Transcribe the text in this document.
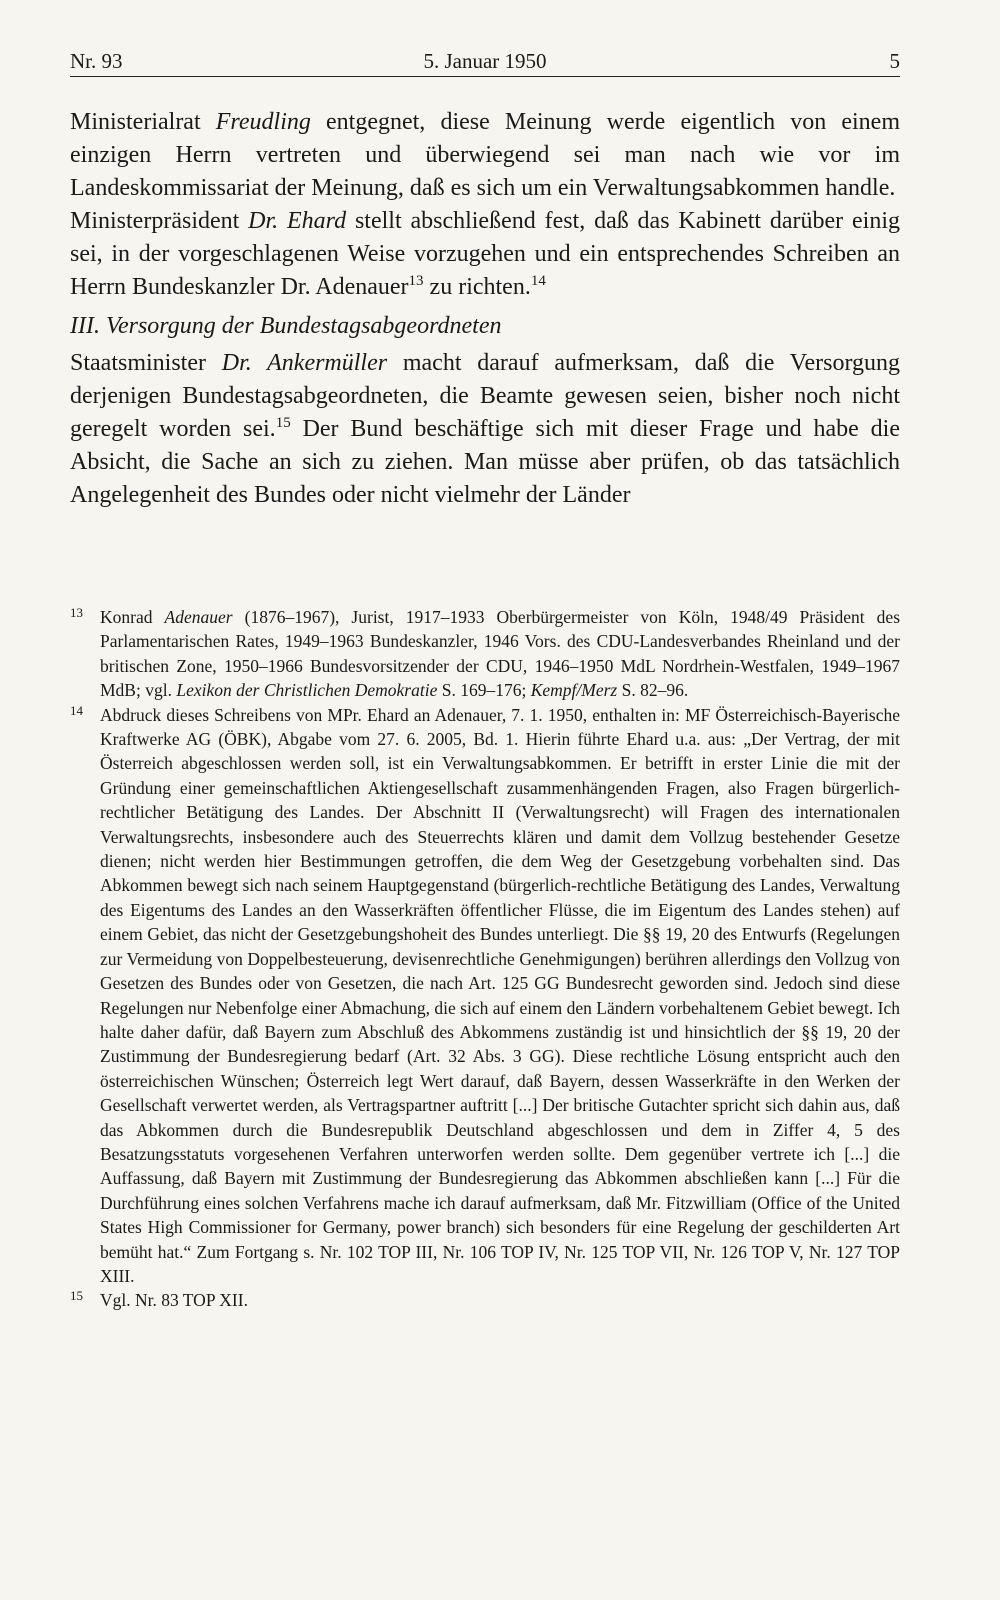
Nr. 93	5. Januar 1950	5

Ministerialrat Freudling entgegnet, diese Meinung werde eigentlich von einem einzigen Herrn vertreten und überwiegend sei man nach wie vor im Landeskommissariat der Meinung, daß es sich um ein Verwaltungsabkommen handle.

Ministerpräsident Dr. Ehard stellt abschließend fest, daß das Kabinett darüber einig sei, in der vorgeschlagenen Weise vorzugehen und ein entsprechendes Schreiben an Herrn Bundeskanzler Dr. Adenauer$^{13}$ zu richten.$^{14}$

III. Versorgung der Bundestagsabgeordneten

Staatsminister Dr. Ankermüller macht darauf aufmerksam, daß die Versorgung derjenigen Bundestagsabgeordneten, die Beamte gewesen seien, bisher noch nicht geregelt worden sei.$^{15}$ Der Bund beschäftige sich mit dieser Frage und habe die Absicht, die Sache an sich zu ziehen. Man müsse aber prüfen, ob das tatsächlich Angelegenheit des Bundes oder nicht vielmehr der Länder

13 Konrad Adenauer (1876–1967), Jurist, 1917–1933 Oberbürgermeister von Köln, 1948/49 Präsident des Parlamentarischen Rates, 1949–1963 Bundeskanzler, 1946 Vors. des CDU-Landesverbandes Rheinland und der britischen Zone, 1950–1966 Bundesvorsitzender der CDU, 1946–1950 MdL Nordrhein-Westfalen, 1949–1967 MdB; vgl. Lexikon der Christlichen Demokratie S. 169–176; Kempf/Merz S. 82–96.

14 Abdruck dieses Schreibens von MPr. Ehard an Adenauer, 7. 1. 1950, enthalten in: MF Österreichisch-Bayerische Kraftwerke AG (ÖBK), Abgabe vom 27. 6. 2005, Bd. 1. Hierin führte Ehard u.a. aus: „Der Vertrag, der mit Österreich abgeschlossen werden soll, ist ein Verwaltungsabkommen. Er betrifft in erster Linie die mit der Gründung einer gemeinschaftlichen Aktiengesellschaft zusammenhängenden Fragen, also Fragen bürgerlich-rechtlicher Betätigung des Landes. Der Abschnitt II (Verwaltungsrecht) will Fragen des internationalen Verwaltungsrechts, insbesondere auch des Steuerrechts klären und damit dem Vollzug bestehender Gesetze dienen; nicht werden hier Bestimmungen getroffen, die dem Weg der Gesetzgebung vorbehalten sind. Das Abkommen bewegt sich nach seinem Hauptgegenstand (bürgerlich-rechtliche Betätigung des Landes, Verwaltung des Eigentums des Landes an den Wasserkräften öffentlicher Flüsse, die im Eigentum des Landes stehen) auf einem Gebiet, das nicht der Gesetzgebungshoheit des Bundes unterliegt. Die §§ 19, 20 des Entwurfs (Regelungen zur Vermeidung von Doppelbesteuerung, devisenrechtliche Genehmigungen) berühren allerdings den Vollzug von Gesetzen des Bundes oder von Gesetzen, die nach Art. 125 GG Bundesrecht geworden sind. Jedoch sind diese Regelungen nur Nebenfolge einer Abmachung, die sich auf einem den Ländern vorbehaltenem Gebiet bewegt. Ich halte daher dafür, daß Bayern zum Abschluß des Abkommens zuständig ist und hinsichtlich der §§ 19, 20 der Zustimmung der Bundesregierung bedarf (Art. 32 Abs. 3 GG). Diese rechtliche Lösung entspricht auch den österreichischen Wünschen; Österreich legt Wert darauf, daß Bayern, dessen Wasserkräfte in den Werken der Gesellschaft verwertet werden, als Vertragspartner auftritt [...] Der britische Gutachter spricht sich dahin aus, daß das Abkommen durch die Bundesrepublik Deutschland abgeschlossen und dem in Ziffer 4, 5 des Besatzungsstatuts vorgesehenen Verfahren unterworfen werden sollte. Dem gegenüber vertrete ich [...] die Auffassung, daß Bayern mit Zustimmung der Bundesregierung das Abkommen abschließen kann [...] Für die Durchführung eines solchen Verfahrens mache ich darauf aufmerksam, daß Mr. Fitzwilliam (Office of the United States High Commissioner for Germany, power branch) sich besonders für eine Regelung der geschilderten Art bemüht hat.“ Zum Fortgang s. Nr. 102 TOP III, Nr. 106 TOP IV, Nr. 125 TOP VII, Nr. 126 TOP V, Nr. 127 TOP XIII.

15 Vgl. Nr. 83 TOP XII.
